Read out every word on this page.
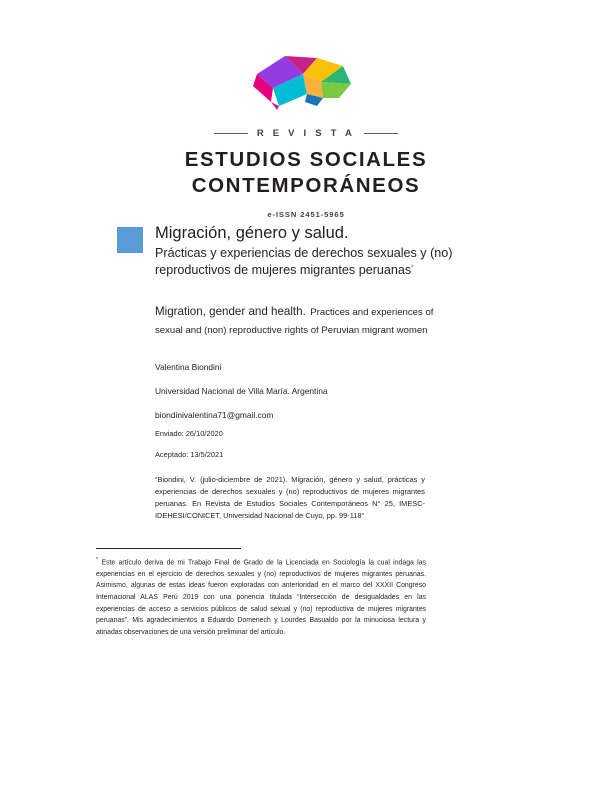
R E V I S T A
ESTUDIOS SOCIALES
CONTEMPORÁNEOS
e-ISSN 2451-5965
Migración, género y salud.
Prácticas y experiencias de derechos sexuales y (no) reproductivos de mujeres migrantes peruanas*
Migration, gender and health. Practices and experiences of sexual and (non) reproductive rights of Peruvian migrant women
Valentina Biondini
Universidad Nacional de Villa María. Argentina
biondinivalentina71@gmail.com
Enviado: 26/10/2020
Aceptado: 13/5/2021
“Biondini, V. (julio-diciembre de 2021). Migración, género y salud, prácticas y experiencias de derechos sexuales y (no) reproductivos de mujeres migrantes peruanas. En Revista de Estudios Sociales Contemporáneos N° 25, IMESC-IDEHESI/CONICET, Universidad Nacional de Cuyo, pp. 99-118”
* Este artículo deriva de mi Trabajo Final de Grado de la Licenciada en Sociología la cual indaga las experiencias en el ejercicio de derechos sexuales y (no) reproductivos de mujeres migrantes peruanas. Asimismo, algunas de estas ideas fueron exploradas con anterioridad en el marco del XXXII Congreso Internacional ALAS Perú 2019 con una ponencia titulada “Intersección de desigualdades en las experiencias de acceso a servicios públicos de salud sexual y (no) reproductiva de mujeres migrantes peruanas”. Mis agradecimientos a Eduardo Domenech y Lourdes Basualdo por la minuciosa lectura y atinadas observaciones de una versión preliminar del artículo.
